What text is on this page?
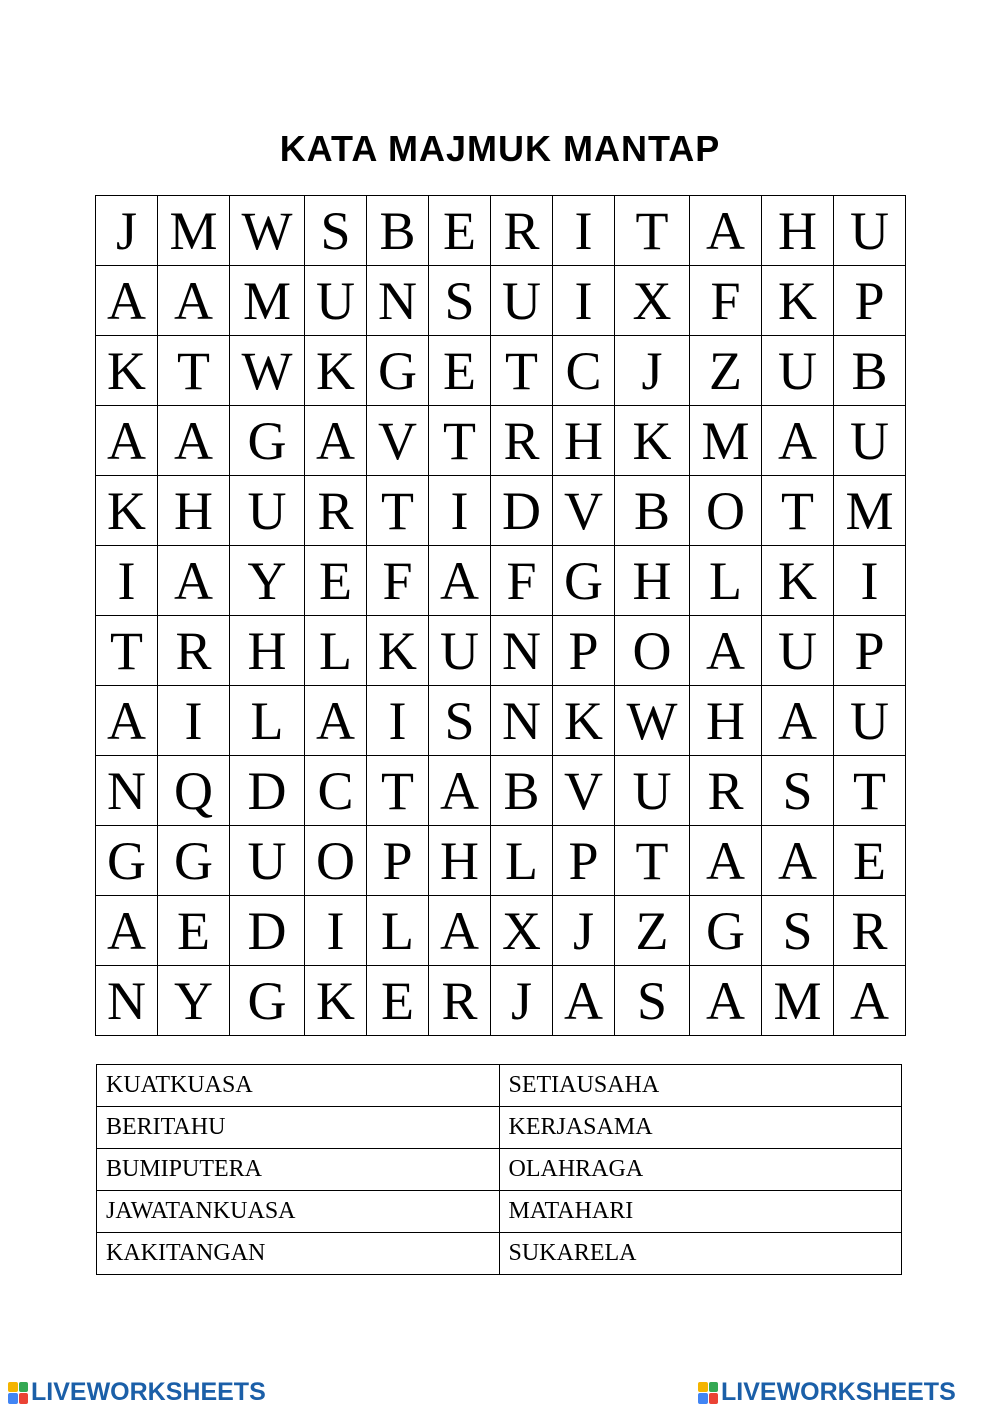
KATA MAJMUK MANTAP
J	M	W	S	B	E	R	I	T	A	H	U
A	A	M	U	N	S	U	I	X	F	K	P
K	T	W	K	G	E	T	C	J	Z	U	B
A	A	G	A	V	T	R	H	K	M	A	U
K	H	U	R	T	I	D	V	B	O	T	M
I	A	Y	E	F	A	F	G	H	L	K	I
T	R	H	L	K	U	N	P	O	A	U	P
A	I	L	A	I	S	N	K	W	H	A	U
N	Q	D	C	T	A	B	V	U	R	S	T
G	G	U	O	P	H	L	P	T	A	A	E
A	E	D	I	L	A	X	J	Z	G	S	R
N	Y	G	K	E	R	J	A	S	A	M	A
KUATKUASA	SETIAUSAHA
BERITAHU	KERJASAMA
BUMIPUTERA	OLAHRAGA
JAWATANKUASA	MATAHARI
KAKITANGAN	SUKARELA
LIVEWORKSHEETS	LIVEWORKSHEETS
